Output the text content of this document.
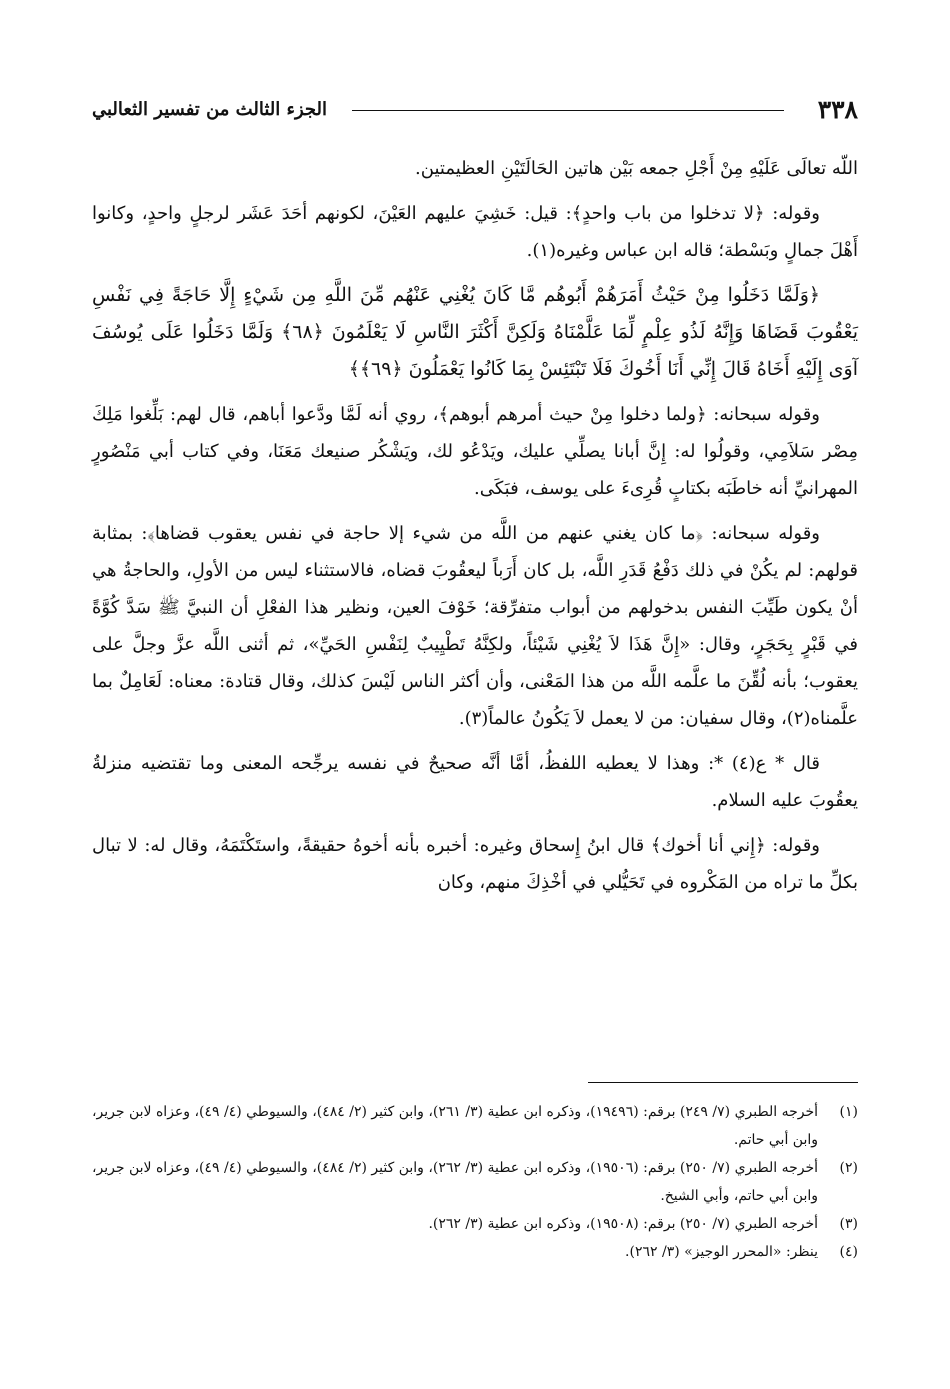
٣٣٨
الجزء الثالث من تفسير الثعالبي

اللّه تعالَى عَلَيْهِ مِنْ أَجْلِ جمعه بَيْن هاتين الحَالَتَيْنِ العظيمتين.

وقوله: ﴿لا تدخلوا من باب واحدٍ﴾: قيل: خَشِيَ عليهم العَيْنَ، لكونهم أحَدَ عَشَر لرجلٍ واحدٍ، وكانوا أَهْلَ جمالٍ وبَسْطة؛ قاله ابن عباس وغيره(١).

﴿وَلَمَّا دَخَلُوا مِنْ حَيْثُ أَمَرَهُمْ أَبُوهُم مَّا كَانَ يُغْنِي عَنْهُم مِّنَ اللَّهِ مِن شَيْءٍ إِلَّا حَاجَةً فِي نَفْسِ يَعْقُوبَ قَضَاهَا وَإِنَّهُ لَذُو عِلْمٍ لِّمَا عَلَّمْنَاهُ وَلَكِنَّ أَكْثَرَ النَّاسِ لَا يَعْلَمُونَ ﴿٦٨﴾ وَلَمَّا دَخَلُوا عَلَى يُوسُفَ آوَى إِلَيْهِ أَخَاهُ قَالَ إِنِّي أَنَا أَخُوكَ فَلَا تَبْتَئِسْ بِمَا كَانُوا يَعْمَلُونَ ﴿٦٩﴾﴾

وقوله سبحانه: ﴿ولما دخلوا مِنْ حيث أمرهم أبوهم﴾، روي أنه لَمَّا ودَّعوا أباهم، قال لهم: بَلِّغوا مَلِكَ مِصْر سَلاَمِي، وقولُوا له: إِنَّ أبانا يصلِّي عليك، ويَدْعُو لك، ويَشْكُر صنيعك مَعَنَا، وفي كتاب أبي مَنْصُورٍ المهرانيِّ أنه خاطَبَه بكتابٍ قُرِىءَ على يوسف، فبَكَى.

وقوله سبحانه: ﴿ما كان يغني عنهم من اللَّه من شيء إلا حاجة في نفس يعقوب قضاها﴾: بمثابة قولهم: لم يكُنْ في ذلك دَفْعُ قَدَرِ اللَّه، بل كان أَرَباً ليعقُوبَ قضاه، فالاستثناء ليس من الأولِ، والحاجةُ هي أنْ يكون طَيِّبَ النفس بدخولهم من أبواب متفرِّقة؛ خَوْفَ العين، ونظير هذا الفعْلِ أن النبيَّ ﷺ سَدَّ كُوَّةً في قَبْرٍ بِحَجَرٍ، وقال: «إِنَّ هَذَا لاَ يُغْنِي شَيْئاً، ولكِنَّهُ تَطْيِيبٌ لِنَفْسِ الحَيِّ»، ثم أثنى اللَّه عزَّ وجلَّ على يعقوب؛ بأنه لُقِّنَ ما علَّمه اللَّه من هذا المَعْنى، وأن أكثر الناس لَيْسَ كذلك، وقال قتادة: معناه: لَعَامِلٌ بما علَّمناه(٢)، وقال سفيان: من لا يعمل لاَ يَكُونُ عالماً(٣).

قال * ع(٤) *: وهذا لا يعطيه اللفظُ، أمَّا أنَّه صحيحٌ في نفسه يرجِّحه المعنى وما تقتضيه منزلةُ يعقُوبَ عليه السلام.

وقوله: ﴿إِني أنا أخوك﴾ قال ابنُ إِسحاق وغيره: أخبره بأنه أخوهُ حقيقةً، واستَكْتَمَهُ، وقال له: لا تبال بكلِّ ما تراه من المَكْروه في تَحَيُّلي في أخْذِكَ منهم، وكان

(١)
أخرجه الطبري (٧/ ٢٤٩) برقم: (١٩٤٩٦)، وذكره ابن عطية (٣/ ٢٦١)، وابن كثير (٢/ ٤٨٤)، والسيوطي (٤/ ٤٩)، وعزاه لابن جرير، وابن أبي حاتم.

(٢)
أخرجه الطبري (٧/ ٢٥٠) برقم: (١٩٥٠٦)، وذكره ابن عطية (٣/ ٢٦٢)، وابن كثير (٢/ ٤٨٤)، والسيوطي (٤/ ٤٩)، وعزاه لابن جرير، وابن أبي حاتم، وأبي الشيخ.

(٣)
أخرجه الطبري (٧/ ٢٥٠) برقم: (١٩٥٠٨)، وذكره ابن عطية (٣/ ٢٦٢).

(٤)
ينظر: «المحرر الوجيز» (٣/ ٢٦٢).
